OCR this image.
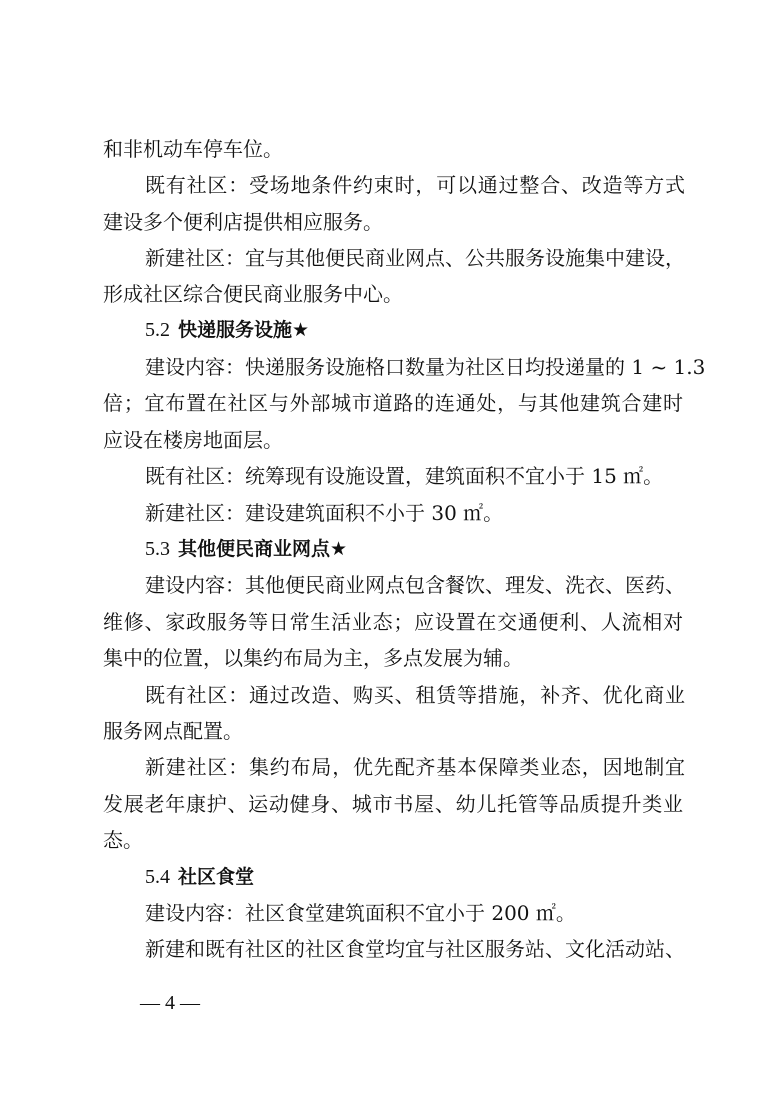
和非机动车停车位。
既有社区：受场地条件约束时，可以通过整合、改造等方式
建设多个便利店提供相应服务。
新建社区：宜与其他便民商业网点、公共服务设施集中建设，
形成社区综合便民商业服务中心。
5.2 快递服务设施★
建设内容：快递服务设施格口数量为社区日均投递量的 1 ~ 1.3
倍；宜布置在社区与外部城市道路的连通处，与其他建筑合建时
应设在楼房地面层。
既有社区：统筹现有设施设置，建筑面积不宜小于 15 ㎡。
新建社区：建设建筑面积不小于 30 ㎡。
5.3 其他便民商业网点★
建设内容：其他便民商业网点包含餐饮、理发、洗衣、医药、
维修、家政服务等日常生活业态；应设置在交通便利、人流相对
集中的位置，以集约布局为主，多点发展为辅。
既有社区：通过改造、购买、租赁等措施，补齐、优化商业
服务网点配置。
新建社区：集约布局，优先配齐基本保障类业态，因地制宜
发展老年康护、运动健身、城市书屋、幼儿托管等品质提升类业
态。
5.4 社区食堂
建设内容：社区食堂建筑面积不宜小于 200 ㎡。
新建和既有社区的社区食堂均宜与社区服务站、文化活动站、
— 4 —
